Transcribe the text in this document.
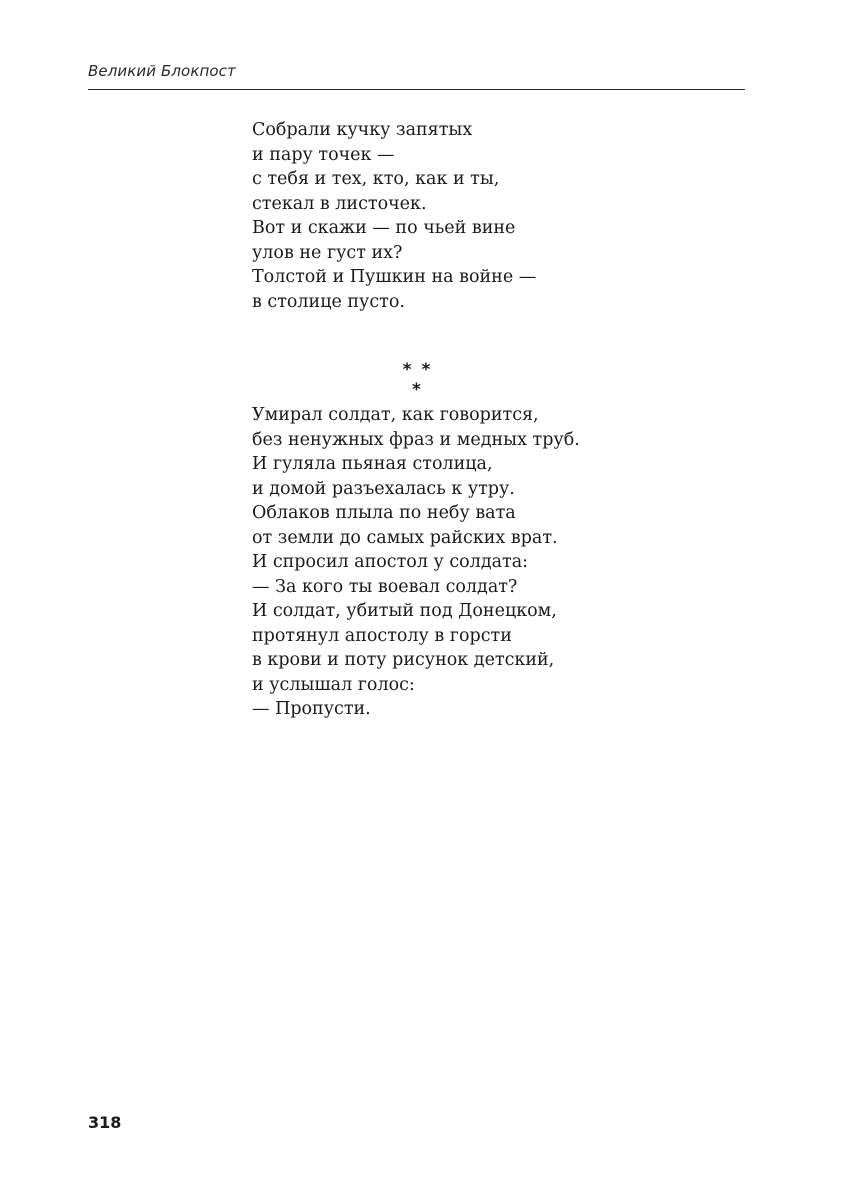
Великий Блокпост
Собрали кучку запятых
и пару точек —
с тебя и тех, кто, как и ты,
стекал в листочек.
Вот и скажи — по чьей вине
улов не густ их?
Толстой и Пушкин на войне —
в столице пусто.
* * *
Умирал солдат, как говорится,
без ненужных фраз и медных труб.
И гуляла пьяная столица,
и домой разъехалась к утру.
Облаков плыла по небу вата
от земли до самых райских врат.
И спросил апостол у солдата:
— За кого ты воевал солдат?
И солдат, убитый под Донецком,
протянул апостолу в горсти
в крови и поту рисунок детский,
и услышал голос:
— Пропусти.
318
